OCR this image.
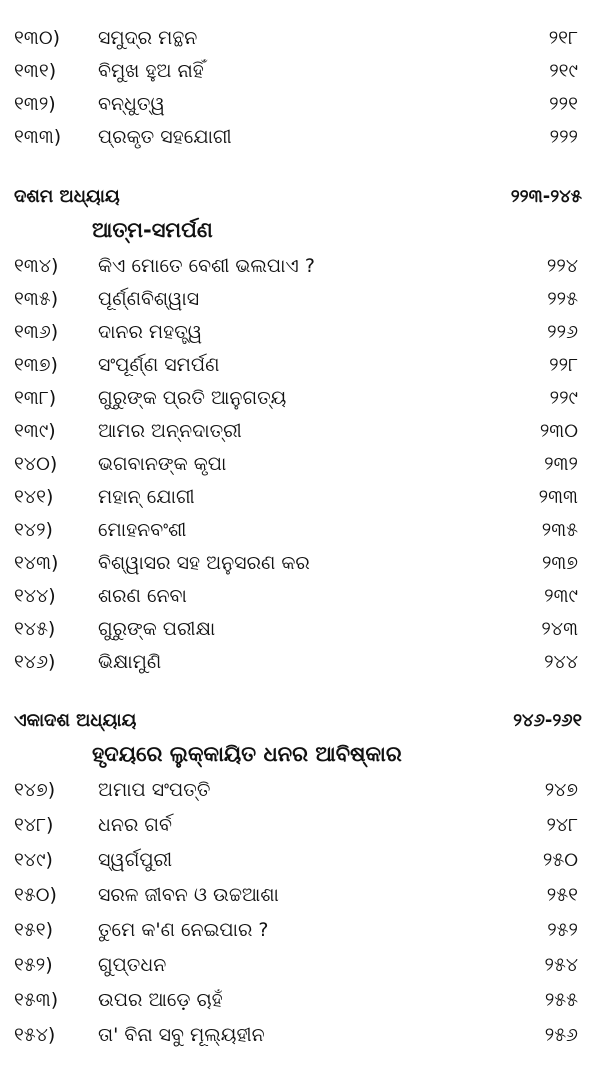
୧୩୦) ସମୁଦ୍ର ମନ୍ଥନ	୨୧୮
୧୩୧) ବିମୁଖ ହୁଅ ନାହିଁ	୨୧୯
୧୩୨) ବନ୍ଧୁତ୍ୱ	୨୨୧
୧୩୩) ପ୍ରକୃତ ସହଯୋଗୀ	୨୨୨
ଦଶମ ଅଧ୍ୟାୟ	୨୨୩-୨୪୫
ଆତ୍ମ-ସମର୍ପଣ
୧୩୪) କିଏ ମୋତେ ବେଶୀ ଭଲପାଏ ?	୨୨୪
୧୩୫) ପୂର୍ଣ୍ଣବିଶ୍ୱାସ	୨୨୫
୧୩୬) ଦାନର ମହତ୍ତ୍ୱ	୨୨୬
୧୩୭) ସଂପୂର୍ଣ୍ଣ ସମର୍ପଣ	୨୨୮
୧୩୮) ଗୁରୁଙ୍କ ପ୍ରତି ଆନୁଗତ୍ୟ	୨୨୯
୧୩୯) ଆମର ଅନ୍ନଦାତ୍ରୀ	୨୩୦
୧୪୦) ଭଗବାନଙ୍କ କୃପା	୨୩୨
୧୪୧) ମହାନ୍ ଯୋଗୀ	୨୩୩
୧୪୨) ମୋହନବଂଶୀ	୨୩୫
୧୪୩) ବିଶ୍ୱାସର ସହ ଅନୁସରଣ କର	୨୩୭
୧୪୪) ଶରଣ ନେବା	୨୩୯
୧୪୫) ଗୁରୁଙ୍କ ପରୀକ୍ଷା	୨୪୩
୧୪୬) ଭିକ୍ଷାମୁଣି	୨୪୪
ଏକାଦଶ ଅଧ୍ୟାୟ	୨୪୬-୨୬୧
ହୃଦୟରେ ଲୁକ୍କାୟିତ ଧନର ଆବିଷ୍କାର
୧୪୭) ଅମାପ ସଂପତ୍ତି	୨୪୭
୧୪୮) ଧନର ଗର୍ବ	୨୪୮
୧୪୯) ସ୍ୱର୍ଗପୁରୀ	୨୫୦
୧୫୦) ସରଳ ଜୀବନ ଓ ଉଚ୍ଚଆଶା	୨୫୧
୧୫୧) ତୁମେ କ'ଣ ନେଇପାର ?	୨୫୨
୧୫୨) ଗୁପ୍ତଧନ	୨୫୪
୧୫୩) ଉପର ଆଡ଼େ ଚାହଁ	୨୫୫
୧୫୪) ତା' ବିନା ସବୁ ମୂଲ୍ୟହୀନ	୨୫୬
